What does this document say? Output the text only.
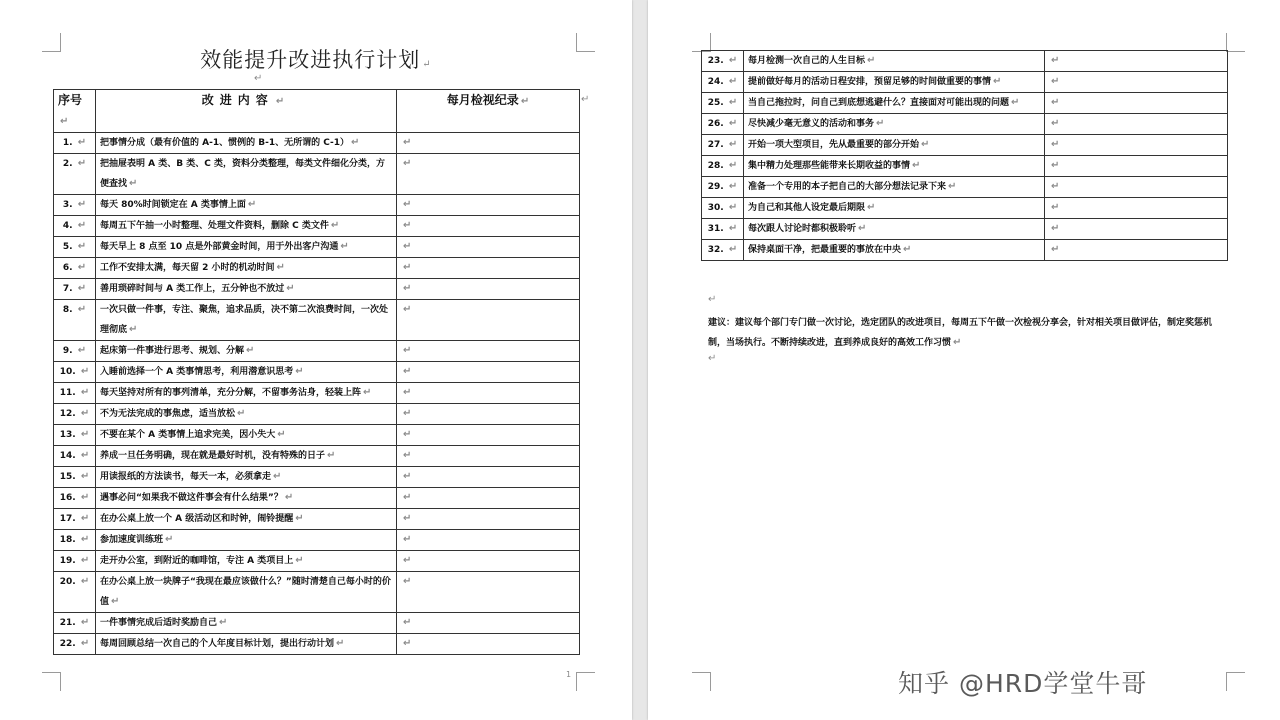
效能提升改进执行计划 ↵
↵
↵
序号↵	改进内容 ↵	每月检视纪录 ↵
1. ↵	把事情分成（最有价值的 A-1、惯例的 B-1、无所谓的 C-1） ↵	↵
2. ↵	把抽屉表明 A 类、B 类、C 类，资料分类整理，每类文件细化分类，方便查找 ↵	↵
3. ↵	每天 80%时间锁定在 A 类事情上面 ↵	↵
4. ↵	每周五下午抽一小时整理、处理文件资料，删除 C 类文件 ↵	↵
5. ↵	每天早上 8 点至 10 点是外部黄金时间，用于外出客户沟通 ↵	↵
6. ↵	工作不安排太满，每天留 2 小时的机动时间 ↵	↵
7. ↵	善用琐碎时间与 A 类工作上，五分钟也不放过 ↵	↵
8. ↵	一次只做一件事，专注、聚焦，追求品质，决不第二次浪费时间，一次处理彻底 ↵	↵
9. ↵	起床第一件事进行思考、规划、分解 ↵	↵
10. ↵	入睡前选择一个 A 类事情思考，利用潜意识思考 ↵	↵
11. ↵	每天坚持对所有的事列清单，充分分解，不留事务沾身，轻装上阵 ↵	↵
12. ↵	不为无法完成的事焦虑，适当放松 ↵	↵
13. ↵	不要在某个 A 类事情上追求完美，因小失大 ↵	↵
14. ↵	养成一旦任务明确，现在就是最好时机，没有特殊的日子 ↵	↵
15. ↵	用读报纸的方法读书，每天一本，必须拿走 ↵	↵
16. ↵	遇事必问“如果我不做这件事会有什么结果”？ ↵	↵
17. ↵	在办公桌上放一个 A 级活动区和时钟，闹铃提醒 ↵	↵
18. ↵	参加速度训练班 ↵	↵
19. ↵	走开办公室，到附近的咖啡馆，专注 A 类项目上 ↵	↵
20. ↵	在办公桌上放一块牌子“我现在最应该做什么？”随时清楚自己每小时的价值 ↵	↵
21. ↵	一件事情完成后适时奖励自己 ↵	↵
22. ↵	每周回顾总结一次自己的个人年度目标计划，提出行动计划 ↵	↵
1
23. ↵	每月检测一次自己的人生目标 ↵	↵
24. ↵	提前做好每月的活动日程安排，预留足够的时间做重要的事情 ↵	↵
25. ↵	当自己拖拉时，问自己到底想逃避什么？直接面对可能出现的问题 ↵	↵
26. ↵	尽快减少毫无意义的活动和事务 ↵	↵
27. ↵	开始一项大型项目，先从最重要的部分开始 ↵	↵
28. ↵	集中精力处理那些能带来长期收益的事情 ↵	↵
29. ↵	准备一个专用的本子把自己的大部分想法记录下来 ↵	↵
30. ↵	为自己和其他人设定最后期限 ↵	↵
31. ↵	每次跟人讨论时都积极聆听 ↵	↵
32. ↵	保持桌面干净，把最重要的事放在中央 ↵	↵
↵
建议：建议每个部门专门做一次讨论，选定团队的改进项目，每周五下午做一次检视分享会，针对相关项目做评估，制定奖惩机制，当场执行。不断持续改进，直到养成良好的高效工作习惯 ↵
↵
知乎 @HRD学堂牛哥
